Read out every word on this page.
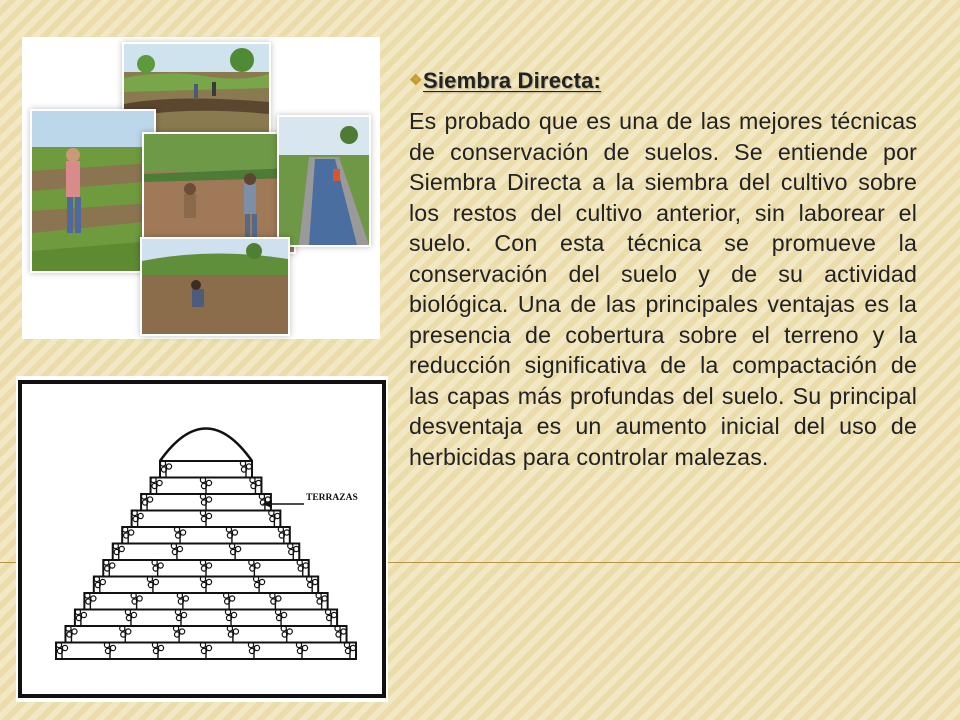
TERRAZAS
❖ Siembra Directa:
Es probado que es una de las mejores técnicas de conservación de suelos. Se entiende por Siembra Directa a la siembra del cultivo sobre los restos del cultivo anterior, sin laborear el suelo. Con esta técnica se promueve la conservación del suelo y de su actividad biológica. Una de las principales ventajas es la presencia de cobertura sobre el terreno y la reducción significativa de la compactación de las capas más profundas del suelo. Su principal desventaja es un aumento inicial del uso de herbicidas para controlar malezas.
